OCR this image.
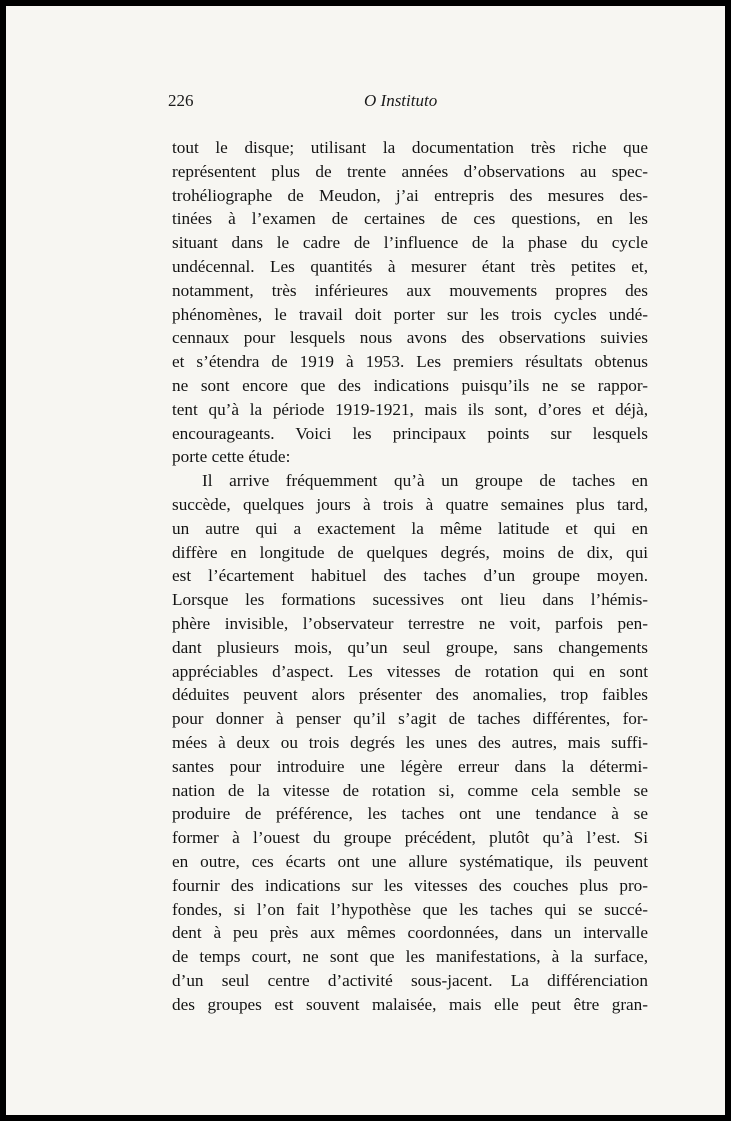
226	O Instituto
tout le disque; utilisant la documentation très riche que
représentent plus de trente années d’observations au spec-
trohéliographe de Meudon, j’ai entrepris des mesures des-
tinées à l’examen de certaines de ces questions, en les
situant dans le cadre de l’influence de la phase du cycle
undécennal. Les quantités à mesurer étant très petites et,
notamment, très inférieures aux mouvements propres des
phénomènes, le travail doit porter sur les trois cycles undé-
cennaux pour lesquels nous avons des observations suivies
et s’étendra de 1919 à 1953. Les premiers résultats obtenus
ne sont encore que des indications puisqu’ils ne se rappor-
tent qu’à la période 1919-1921, mais ils sont, d’ores et déjà,
encourageants. Voici les principaux points sur lesquels
porte cette étude:
Il arrive fréquemment qu’à un groupe de taches en
succède, quelques jours à trois à quatre semaines plus tard,
un autre qui a exactement la même latitude et qui en
diffère en longitude de quelques degrés, moins de dix, qui
est l’écartement habituel des taches d’un groupe moyen.
Lorsque les formations sucessives ont lieu dans l’hémis-
phère invisible, l’observateur terrestre ne voit, parfois pen-
dant plusieurs mois, qu’un seul groupe, sans changements
appréciables d’aspect. Les vitesses de rotation qui en sont
déduites peuvent alors présenter des anomalies, trop faibles
pour donner à penser qu’il s’agit de taches différentes, for-
mées à deux ou trois degrés les unes des autres, mais suffi-
santes pour introduire une légère erreur dans la détermi-
nation de la vitesse de rotation si, comme cela semble se
produire de préférence, les taches ont une tendance à se
former à l’ouest du groupe précédent, plutôt qu’à l’est. Si
en outre, ces écarts ont une allure systématique, ils peuvent
fournir des indications sur les vitesses des couches plus pro-
fondes, si l’on fait l’hypothèse que les taches qui se succé-
dent à peu près aux mêmes coordonnées, dans un intervalle
de temps court, ne sont que les manifestations, à la surface,
d’un seul centre d’activité sous-jacent. La différenciation
des groupes est souvent malaisée, mais elle peut être gran-
